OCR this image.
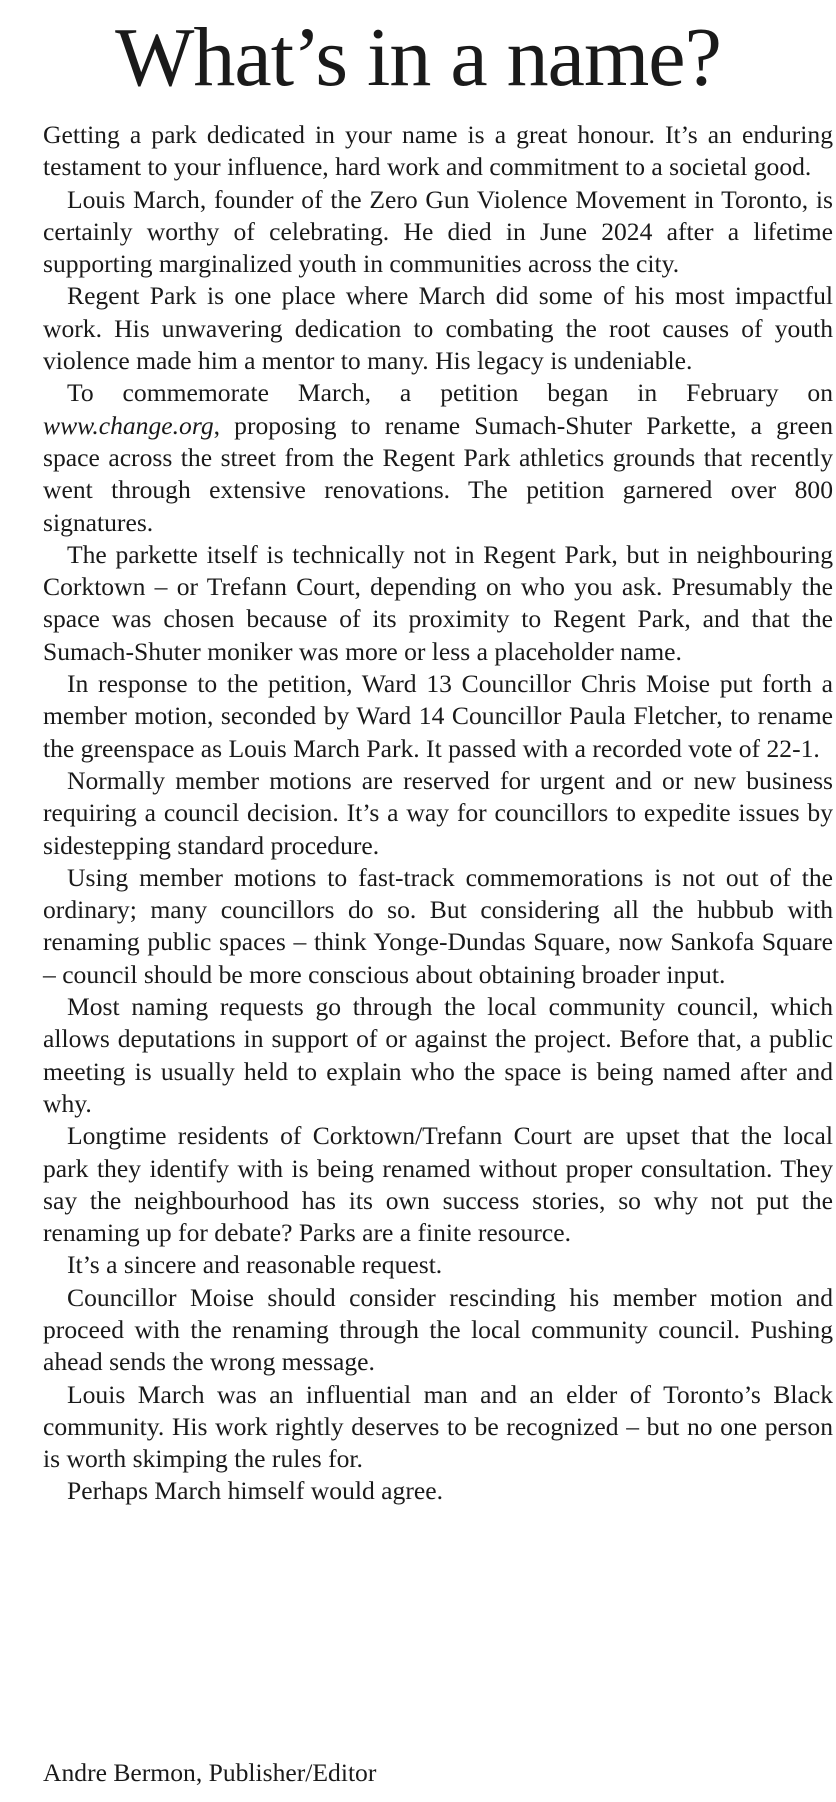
What’s in a name?

Getting a park dedicated in your name is a great honour. It’s an enduring testament to your influence, hard work and commitment to a societal good.

Louis March, founder of the Zero Gun Violence Movement in Toronto, is certainly worthy of celebrating. He died in June 2024 after a lifetime supporting marginalized youth in communities across the city.

Regent Park is one place where March did some of his most impactful work. His unwavering dedication to combating the root causes of youth violence made him a mentor to many. His legacy is undeniable.

To commemorate March, a petition began in February on www.change.org, proposing to rename Sumach-Shuter Parkette, a green space across the street from the Regent Park athletics grounds that recently went through extensive renovations. The petition garnered over 800 signatures.

The parkette itself is technically not in Regent Park, but in neighbouring Corktown – or Trefann Court, depending on who you ask. Presumably the space was chosen because of its proximity to Regent Park, and that the Sumach-Shuter moniker was more or less a placeholder name.

In response to the petition, Ward 13 Councillor Chris Moise put forth a member motion, seconded by Ward 14 Councillor Paula Fletcher, to rename the greenspace as Louis March Park. It passed with a recorded vote of 22-1.

Normally member motions are reserved for urgent and or new business requiring a council decision. It’s a way for councillors to expedite issues by sidestepping standard procedure.

Using member motions to fast-track commemorations is not out of the ordinary; many councillors do so. But considering all the hubbub with renaming public spaces – think Yonge-Dundas Square, now Sankofa Square – council should be more conscious about obtaining broader input.

Most naming requests go through the local community council, which allows deputations in support of or against the project. Before that, a public meeting is usually held to explain who the space is being named after and why.

Longtime residents of Corktown/Trefann Court are upset that the local park they identify with is being renamed without proper consultation. They say the neighbourhood has its own success stories, so why not put the renaming up for debate? Parks are a finite resource.

It’s a sincere and reasonable request.

Councillor Moise should consider rescinding his member motion and proceed with the renaming through the local community council. Pushing ahead sends the wrong message.

Louis March was an influential man and an elder of Toronto’s Black community. His work rightly deserves to be recognized – but no one person is worth skimping the rules for.

Perhaps March himself would agree.

Andre Bermon, Publisher/Editor
